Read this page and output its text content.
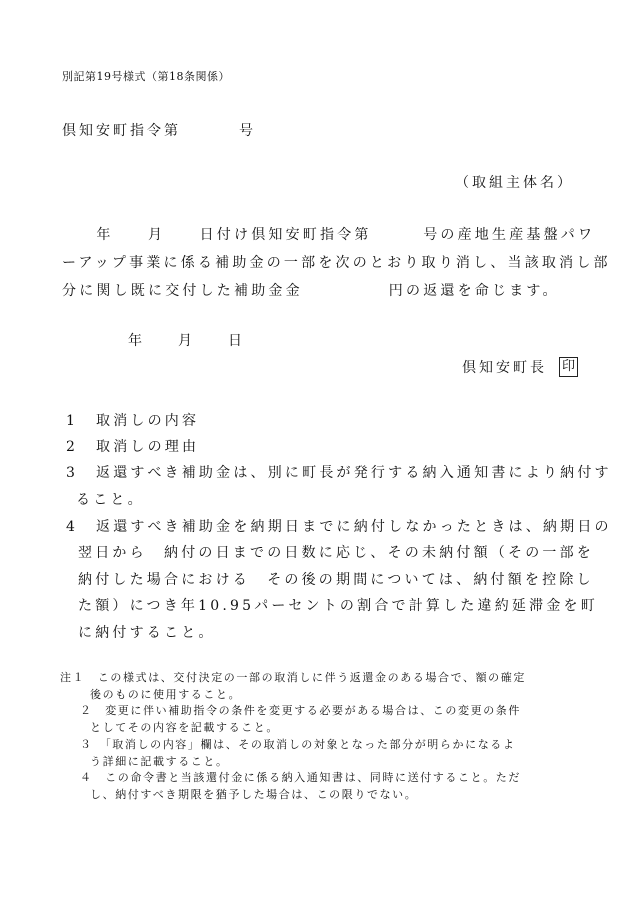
別記第19号様式（第18条関係）
倶知安町指令第	号
（取組主体名）
　　年　　月　　日付け倶知安町指令第　　　号の産地生産基盤パワ
ーアップ事業に係る補助金の一部を次のとおり取り消し、当該取消し部
分に関し既に交付した補助金金　　　　　円の返還を命じます。
年	月	日
倶知安町長 印
1 取消しの内容
2 取消しの理由
3 返還すべき補助金は、別に町長が発行する納入通知書により納付す
ること。
4 返還すべき補助金を納期日までに納付しなかったときは、納期日の
翌日から　納付の日までの日数に応じ、その未納付額（その一部を
納付した場合における　その後の期間については、納付額を控除し
た額）につき年10.95パーセントの割合で計算した違約延滞金を町
に納付すること。
注１　この様式は、交付決定の一部の取消しに伴う返還金のある場合で、額の確定
後のものに使用すること。
２　変更に伴い補助指令の条件を変更する必要がある場合は、この変更の条件
としてその内容を記載すること。
３　「取消しの内容」欄は、その取消しの対象となった部分が明らかになるよ
う詳細に記載すること。
４　この命令書と当該還付金に係る納入通知書は、同時に送付すること。ただ
し、納付すべき期限を猶予した場合は、この限りでない。
